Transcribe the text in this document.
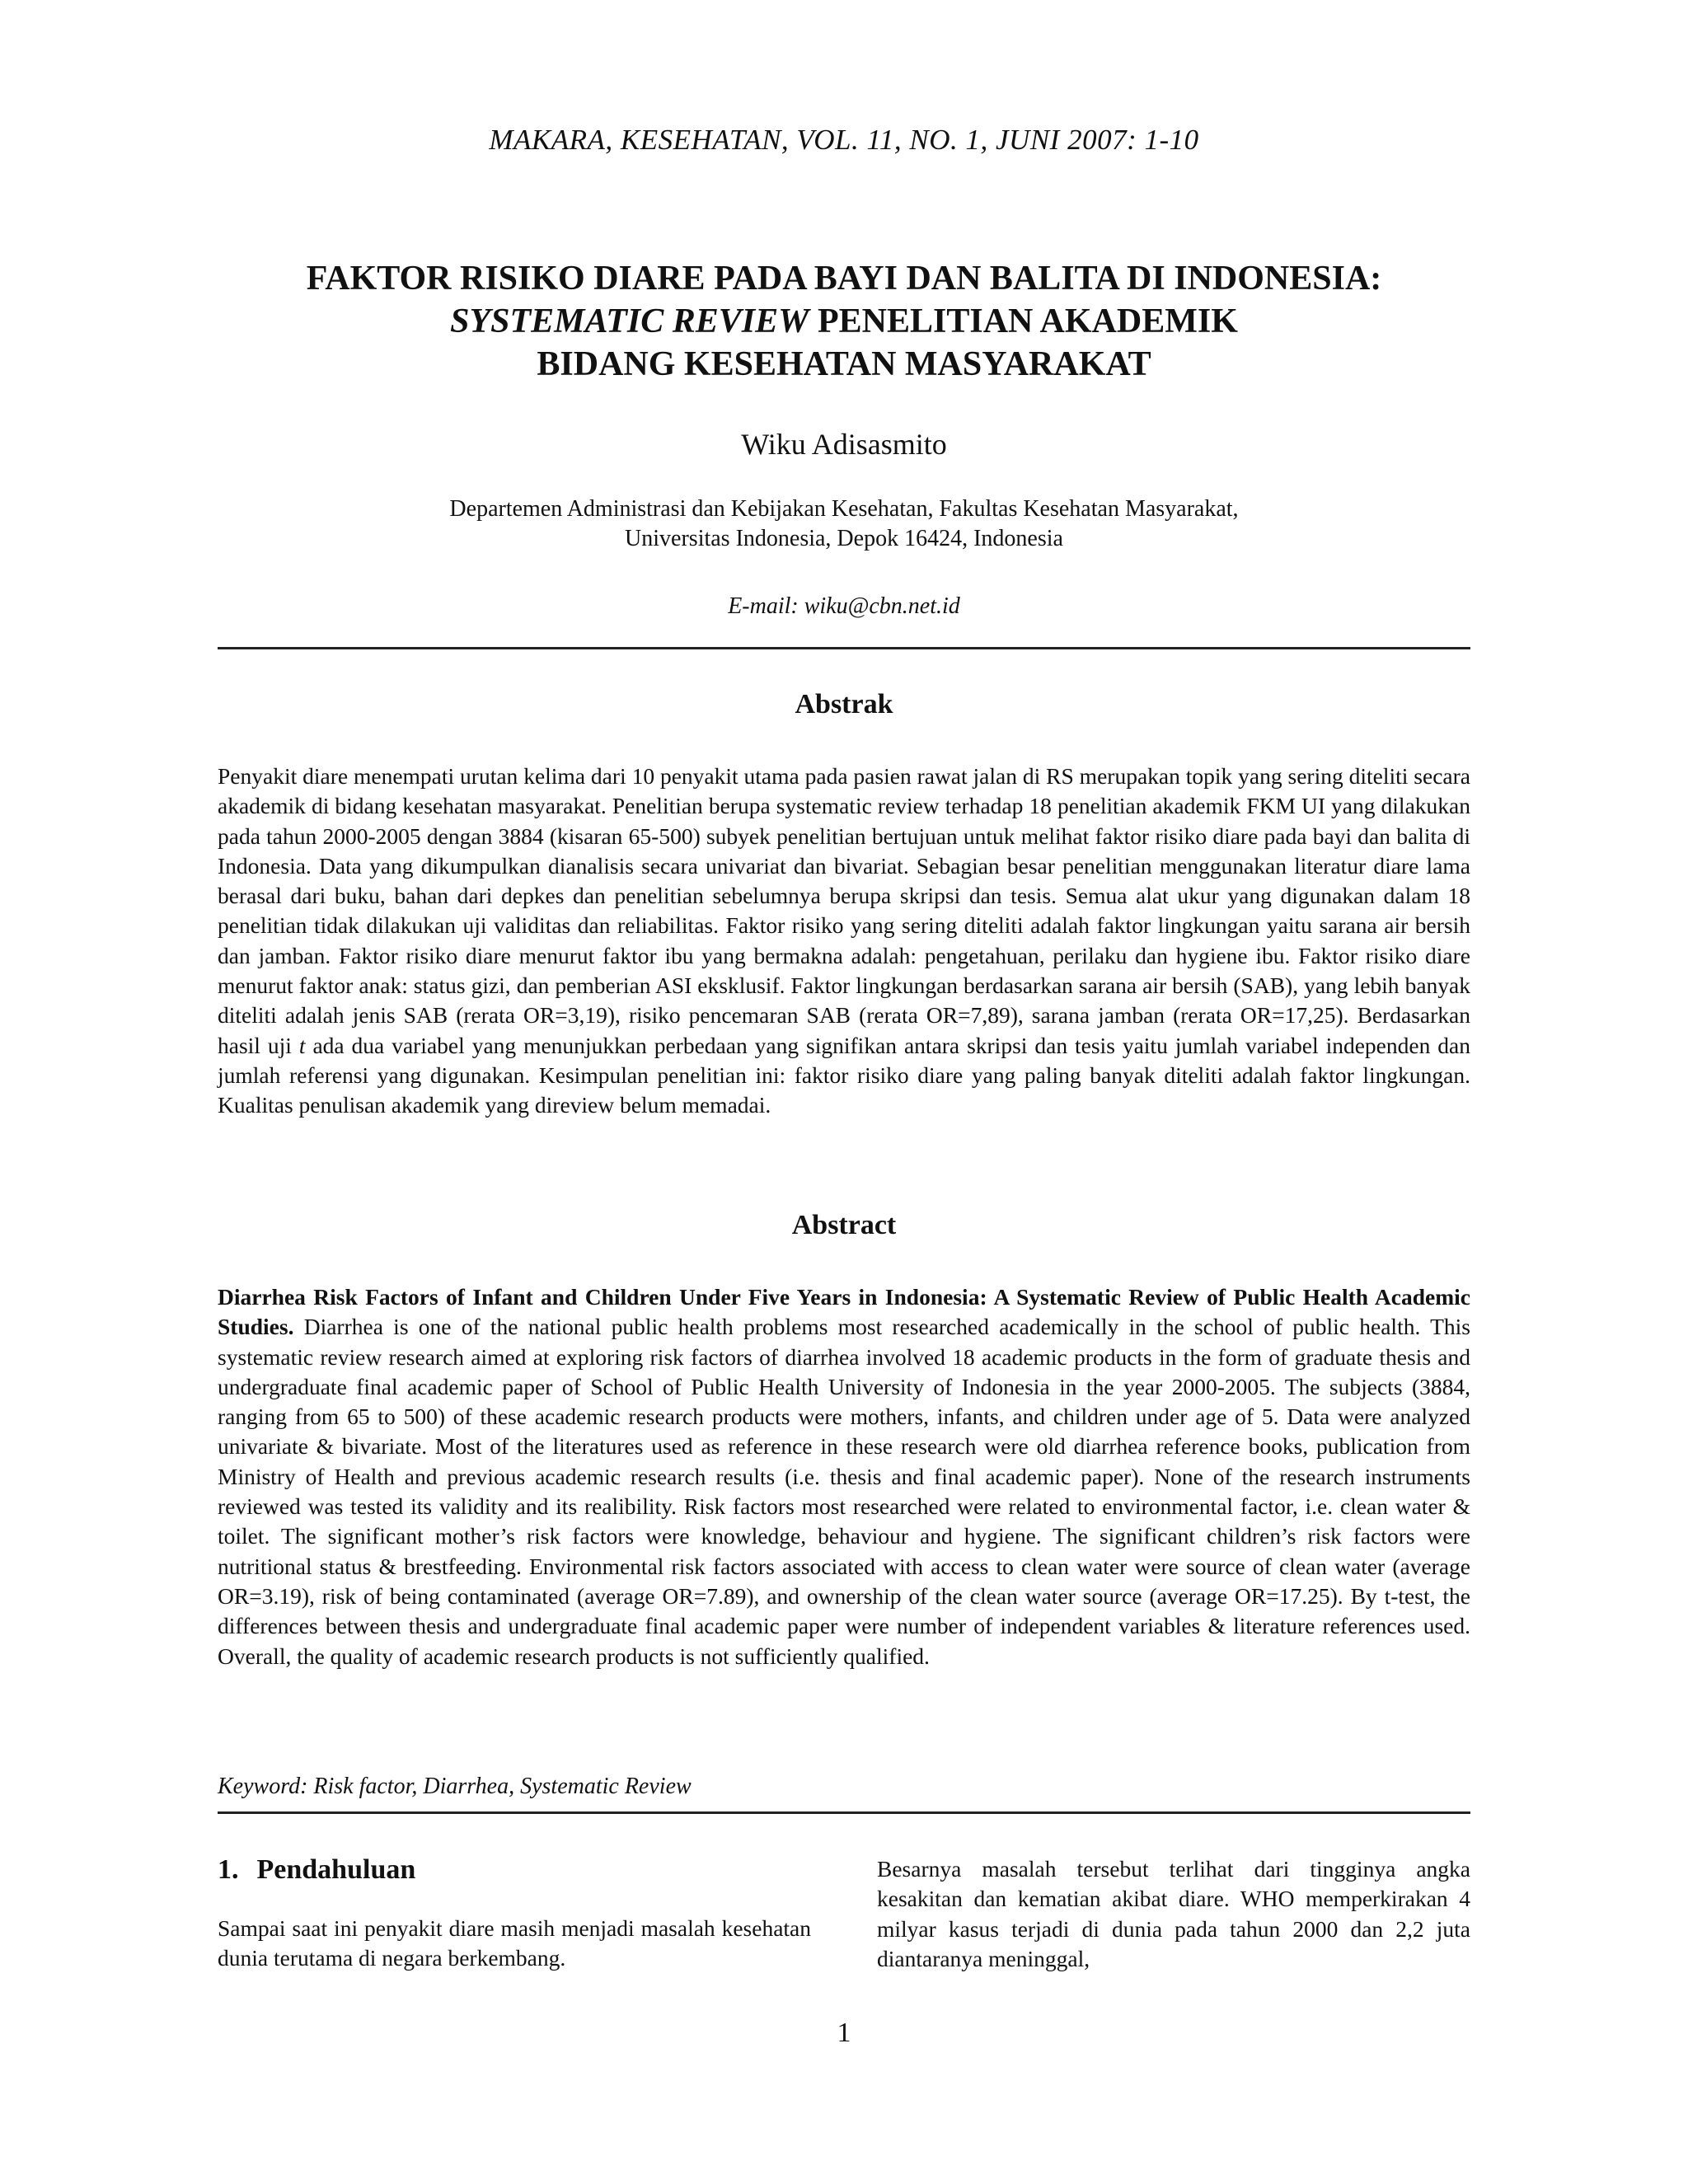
MAKARA, KESEHATAN, VOL. 11, NO. 1, JUNI 2007: 1-10
FAKTOR RISIKO DIARE PADA BAYI DAN BALITA DI INDONESIA:
SYSTEMATIC REVIEW PENELITIAN AKADEMIK
BIDANG KESEHATAN MASYARAKAT
Wiku Adisasmito
Departemen Administrasi dan Kebijakan Kesehatan, Fakultas Kesehatan Masyarakat,
Universitas Indonesia, Depok 16424, Indonesia
E-mail: wiku@cbn.net.id
Abstrak
Penyakit diare menempati urutan kelima dari 10 penyakit utama pada pasien rawat jalan di RS merupakan topik yang sering diteliti secara akademik di bidang kesehatan masyarakat. Penelitian berupa systematic review terhadap 18 penelitian akademik FKM UI yang dilakukan pada tahun 2000-2005 dengan 3884 (kisaran 65-500) subyek penelitian bertujuan untuk melihat faktor risiko diare pada bayi dan balita di Indonesia. Data yang dikumpulkan dianalisis secara univariat dan bivariat. Sebagian besar penelitian menggunakan literatur diare lama berasal dari buku, bahan dari depkes dan penelitian sebelumnya berupa skripsi dan tesis. Semua alat ukur yang digunakan dalam 18 penelitian tidak dilakukan uji validitas dan reliabilitas. Faktor risiko yang sering diteliti adalah faktor lingkungan yaitu sarana air bersih dan jamban. Faktor risiko diare menurut faktor ibu yang bermakna adalah: pengetahuan, perilaku dan hygiene ibu. Faktor risiko diare menurut faktor anak: status gizi, dan pemberian ASI eksklusif. Faktor lingkungan berdasarkan sarana air bersih (SAB), yang lebih banyak diteliti adalah jenis SAB (rerata OR=3,19), risiko pencemaran SAB (rerata OR=7,89), sarana jamban (rerata OR=17,25). Berdasarkan hasil uji t ada dua variabel yang menunjukkan perbedaan yang signifikan antara skripsi dan tesis yaitu jumlah variabel independen dan jumlah referensi yang digunakan. Kesimpulan penelitian ini: faktor risiko diare yang paling banyak diteliti adalah faktor lingkungan. Kualitas penulisan akademik yang direview belum memadai.
Abstract
Diarrhea Risk Factors of Infant and Children Under Five Years in Indonesia: A Systematic Review of Public Health Academic Studies. Diarrhea is one of the national public health problems most researched academically in the school of public health. This systematic review research aimed at exploring risk factors of diarrhea involved 18 academic products in the form of graduate thesis and undergraduate final academic paper of School of Public Health University of Indonesia in the year 2000-2005. The subjects (3884, ranging from 65 to 500) of these academic research products were mothers, infants, and children under age of 5. Data were analyzed univariate & bivariate. Most of the literatures used as reference in these research were old diarrhea reference books, publication from Ministry of Health and previous academic research results (i.e. thesis and final academic paper). None of the research instruments reviewed was tested its validity and its realibility. Risk factors most researched were related to environmental factor, i.e. clean water & toilet. The significant mother’s risk factors were knowledge, behaviour and hygiene. The significant children’s risk factors were nutritional status & brestfeeding. Environmental risk factors associated with access to clean water were source of clean water (average OR=3.19), risk of being contaminated (average OR=7.89), and ownership of the clean water source (average OR=17.25). By t-test, the differences between thesis and undergraduate final academic paper were number of independent variables & literature references used. Overall, the quality of academic research products is not sufficiently qualified.
Keyword: Risk factor, Diarrhea, Systematic Review
1. Pendahuluan
Sampai saat ini penyakit diare masih menjadi masalah kesehatan dunia terutama di negara berkembang.
Besarnya masalah tersebut terlihat dari tingginya angka kesakitan dan kematian akibat diare. WHO memperkirakan 4 milyar kasus terjadi di dunia pada tahun 2000 dan 2,2 juta diantaranya meninggal,
1
